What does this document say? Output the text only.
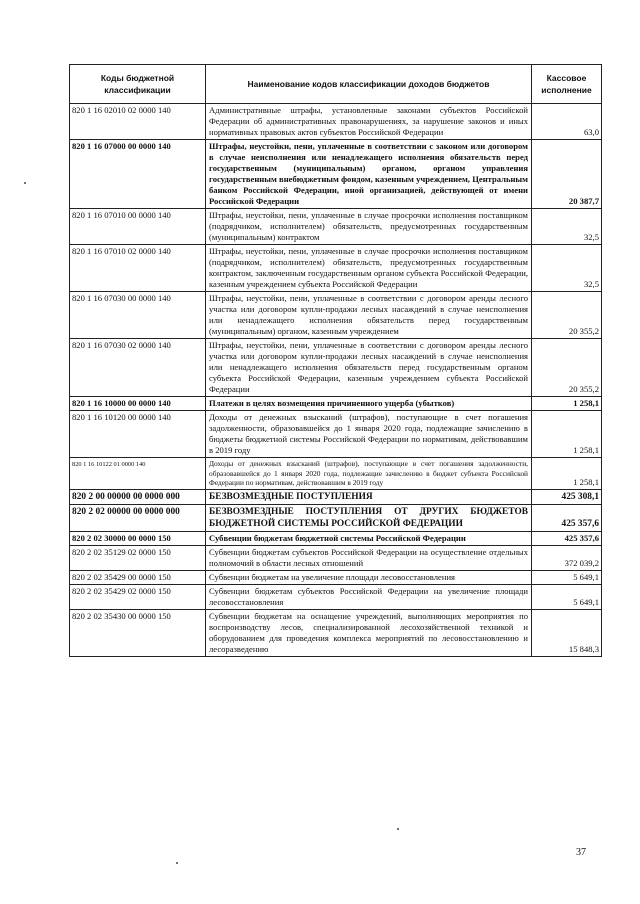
Коды бюджетной классификации	Наименование кодов классификации доходов бюджетов	Кассовое исполнение
820 1 16 02010 02 0000 140	Административные штрафы, установленные законами субъектов Российской Федерации об административных правонарушениях, за нарушение законов и иных нормативных правовых актов субъектов Российской Федерации	63,0
820 1 16 07000 00 0000 140	Штрафы, неустойки, пени, уплаченные в соответствии с законом или договором в случае неисполнения или ненадлежащего исполнения обязательств перед государственным (муниципальным) органом, органом управления государственным внебюджетным фондом, казенным учреждением, Центральным банком Российской Федерации, иной организацией, действующей от имени Российской Федерации	20 387,7
820 1 16 07010 00 0000 140	Штрафы, неустойки, пени, уплаченные в случае просрочки исполнения поставщиком (подрядчиком, исполнителем) обязательств, предусмотренных государственным (муниципальным) контрактом	32,5
820 1 16 07010 02 0000 140	Штрафы, неустойки, пени, уплаченные в случае просрочки исполнения поставщиком (подрядчиком, исполнителем) обязательств, предусмотренных государственным контрактом, заключенным государственным органом субъекта Российской Федерации, казенным учреждением субъекта Российской Федерации	32,5
820 1 16 07030 00 0000 140	Штрафы, неустойки, пени, уплаченные в соответствии с договором аренды лесного участка или договором купли-продажи лесных насаждений в случае неисполнения или ненадлежащего исполнения обязательств перед государственным (муниципальным) органом, казенным учреждением	20 355,2
820 1 16 07030 02 0000 140	Штрафы, неустойки, пени, уплаченные в соответствии с договором аренды лесного участка или договором купли-продажи лесных насаждений в случае неисполнения или ненадлежащего исполнения обязательств перед государственным органом субъекта Российской Федерации, казенным учреждением субъекта Российской Федерации	20 355,2
820 1 16 10000 00 0000 140	Платежи в целях возмещения причиненного ущерба (убытков)	1 258,1
820 1 16 10120 00 0000 140	Доходы от денежных взысканий (штрафов), поступающие в счет погашения задолженности, образовавшейся до 1 января 2020 года, подлежащие зачислению в бюджеты бюджетной системы Российской Федерации по нормативам, действовавшим в 2019 году	1 258,1
820 1 16 10122 01 0000 140	Доходы от денежных взысканий (штрафов), поступающие в счет погашения задолженности, образовавшейся до 1 января 2020 года, подлежащие зачислению в бюджет субъекта Российской Федерации по нормативам, действовавшим в 2019 году	1 258,1
820 2 00 00000 00 0000 000	БЕЗВОЗМЕЗДНЫЕ ПОСТУПЛЕНИЯ	425 308,1
820 2 02 00000 00 0000 000	БЕЗВОЗМЕЗДНЫЕ ПОСТУПЛЕНИЯ ОТ ДРУГИХ БЮДЖЕТОВ БЮДЖЕТНОЙ СИСТЕМЫ РОССИЙСКОЙ ФЕДЕРАЦИИ	425 357,6
820 2 02 30000 00 0000 150	Субвенции бюджетам бюджетной системы Российской Федерации	425 357,6
820 2 02 35129 02 0000 150	Субвенции бюджетам субъектов Российской Федерации на осуществление отдельных полномочий в области лесных отношений	372 039,2
820 2 02 35429 00 0000 150	Субвенции бюджетам на увеличение площади лесовосстановления	5 649,1
820 2 02 35429 02 0000 150	Субвенции бюджетам субъектов Российской Федерации на увеличение площади лесовосстановления	5 649,1
820 2 02 35430 00 0000 150	Субвенции бюджетам на оснащение учреждений, выполняющих мероприятия по воспроизводству лесов, специализированной лесохозяйственной техникой и оборудованием для проведения комплекса мероприятий по лесовосстановлению и лесоразведению	15 848,3
37
